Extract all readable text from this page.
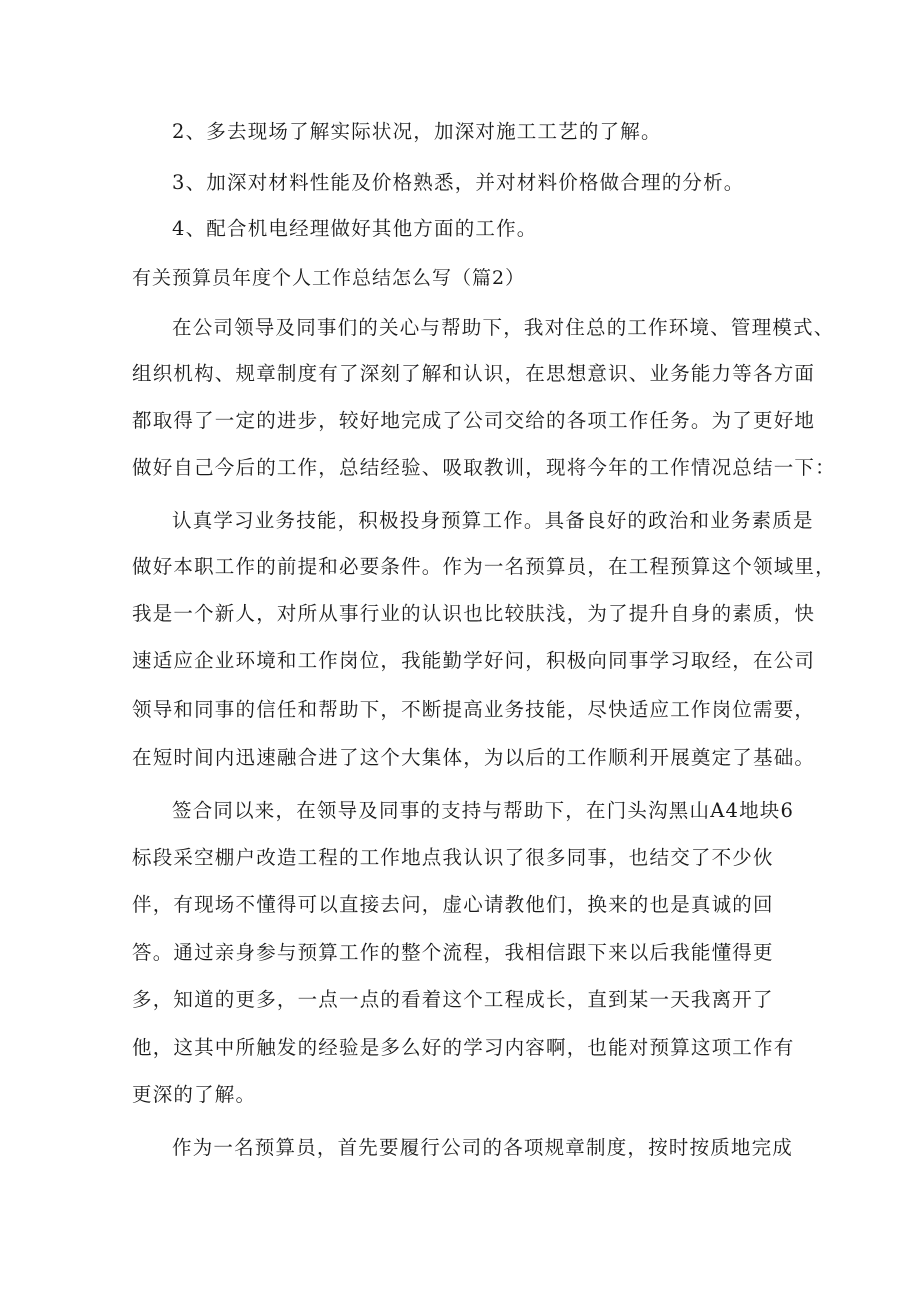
2、多去现场了解实际状况，加深对施工工艺的了解。
3、加深对材料性能及价格熟悉，并对材料价格做合理的分析。
4、配合机电经理做好其他方面的工作。
有关预算员年度个人工作总结怎么写（篇2）
在公司领导及同事们的关心与帮助下，我对住总的工作环境、管理模式、
组织机构、规章制度有了深刻了解和认识，在思想意识、业务能力等各方面
都取得了一定的进步，较好地完成了公司交给的各项工作任务。为了更好地
做好自己今后的工作，总结经验、吸取教训，现将今年的工作情况总结一下：
认真学习业务技能，积极投身预算工作。具备良好的政治和业务素质是
做好本职工作的前提和必要条件。作为一名预算员，在工程预算这个领域里，
我是一个新人，对所从事行业的认识也比较肤浅，为了提升自身的素质，快
速适应企业环境和工作岗位，我能勤学好问，积极向同事学习取经，在公司
领导和同事的信任和帮助下，不断提高业务技能，尽快适应工作岗位需要，
在短时间内迅速融合进了这个大集体，为以后的工作顺利开展奠定了基础。
签合同以来，在领导及同事的支持与帮助下，在门头沟黑山A4地块6
标段采空棚户改造工程的工作地点我认识了很多同事，也结交了不少伙
伴，有现场不懂得可以直接去问，虚心请教他们，换来的也是真诚的回
答。通过亲身参与预算工作的整个流程，我相信跟下来以后我能懂得更
多，知道的更多，一点一点的看着这个工程成长，直到某一天我离开了
他，这其中所触发的经验是多么好的学习内容啊，也能对预算这项工作有
更深的了解。
作为一名预算员，首先要履行公司的各项规章制度，按时按质地完成
